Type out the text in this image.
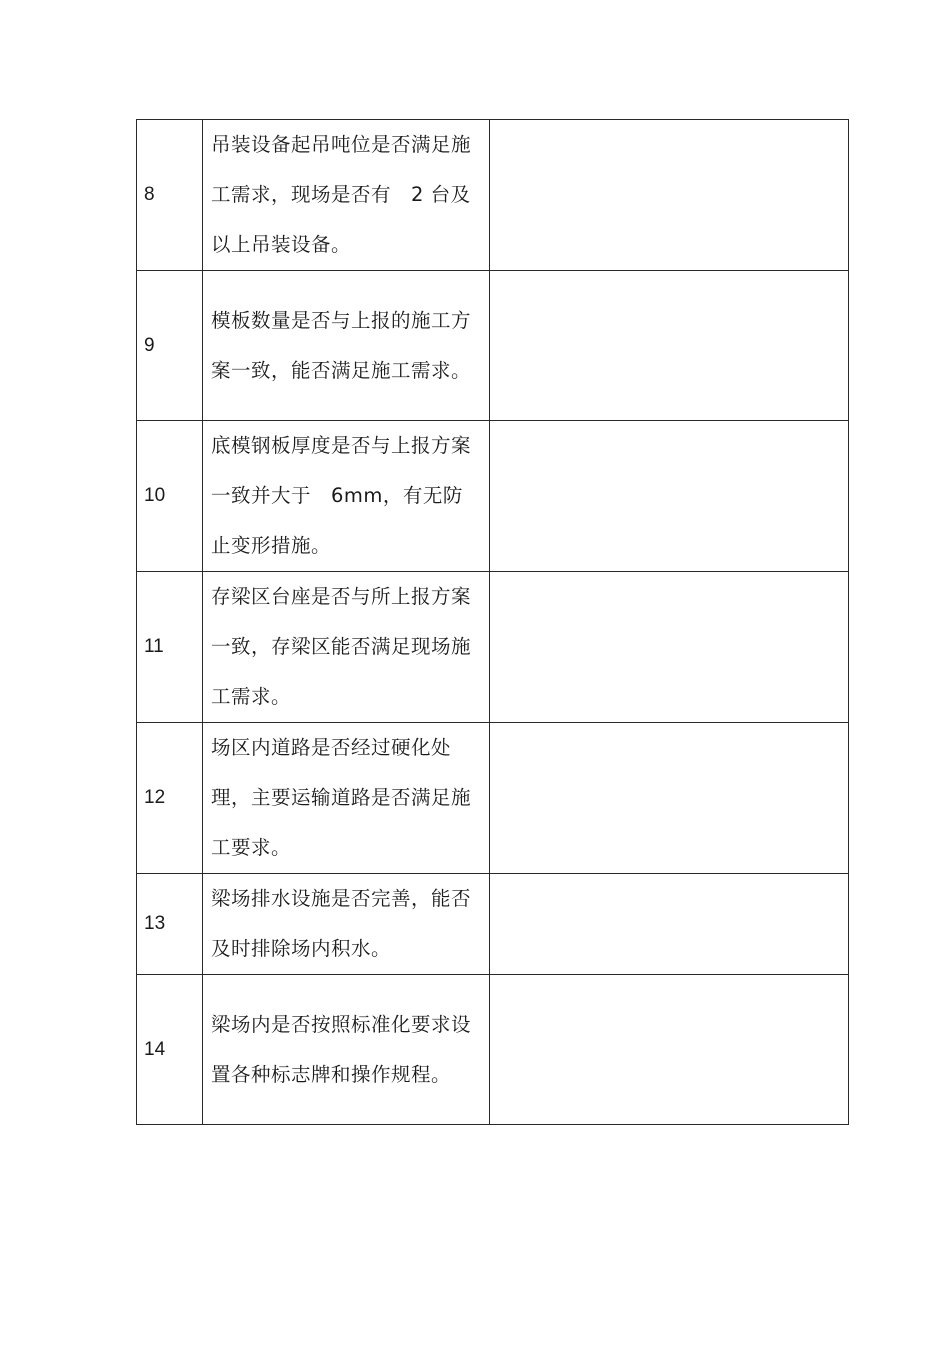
8	吊装设备起吊吨位是否满足施工需求，现场是否有　2 台及以上吊装设备。	

9	模板数量是否与上报的施工方案一致，能否满足施工需求。	

10	底模钢板厚度是否与上报方案一致并大于　6mm，有无防止变形措施。	

11	存梁区台座是否与所上报方案一致，存梁区能否满足现场施工需求。	

12	场区内道路是否经过硬化处理，主要运输道路是否满足施工要求。	

13	梁场排水设施是否完善，能否及时排除场内积水。	

14	梁场内是否按照标准化要求设置各种标志牌和操作规程。	
